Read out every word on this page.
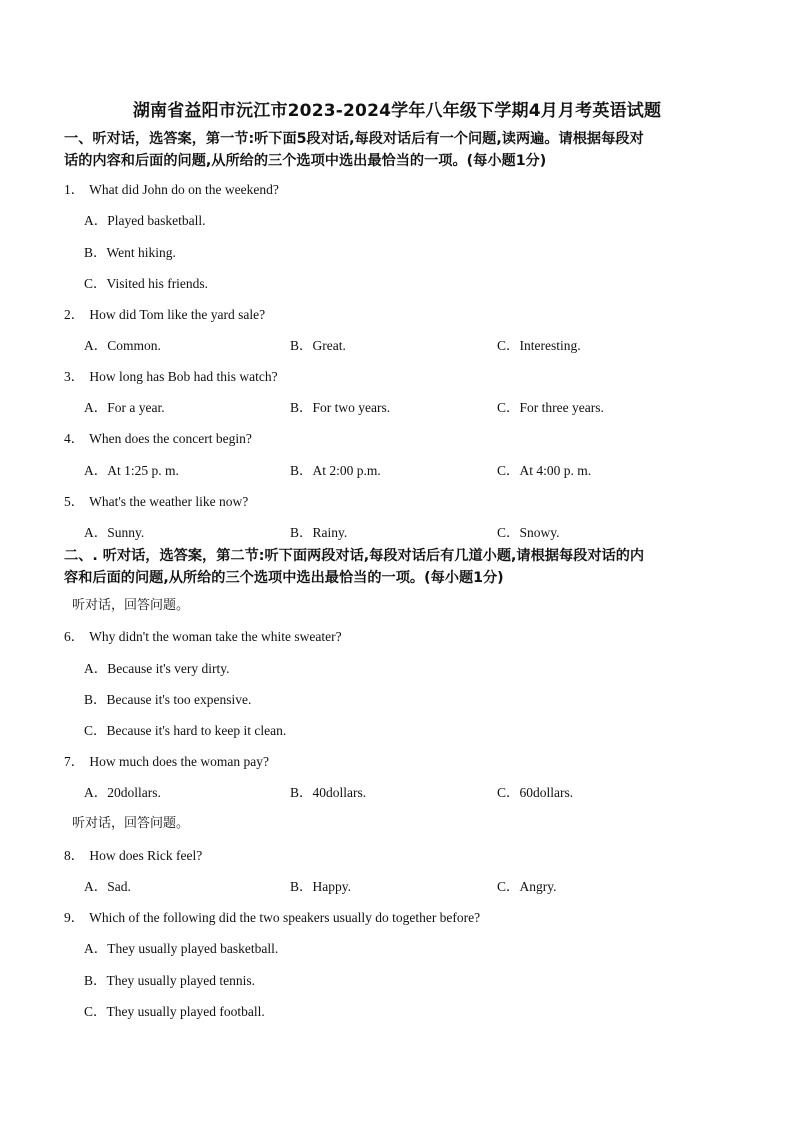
湖南省益阳市沅江市2023-2024学年八年级下学期4月月考英语试题
一、听对话，选答案，第一节:听下面5段对话,每段对话后有一个问题,读两遍。请根据每段对
话的内容和后面的问题,从所给的三个选项中选出最恰当的一项。(每小题1分)
1． What did John do on the weekend?
A．Played basketball.
B．Went hiking.
C．Visited his friends.
2． How did Tom like the yard sale?
A．Common.	B．Great.	C．Interesting.
3． How long has Bob had this watch?
A．For a year.	B．For two years.	C．For three years.
4． When does the concert begin?
A．At 1:25 p. m.	B．At 2:00 p.m.	C．At 4:00 p. m.
5． What's the weather like now?
A．Sunny.	B．Rainy.	C．Snowy.
二、. 听对话，选答案，第二节:听下面两段对话,每段对话后有几道小题,请根据每段对话的内
容和后面的问题,从所给的三个选项中选出最恰当的一项。(每小题1分)
听对话，回答问题。
6． Why didn't the woman take the white sweater?
A．Because it's very dirty.
B．Because it's too expensive.
C．Because it's hard to keep it clean.
7． How much does the woman pay?
A．20dollars.	B．40dollars.	C．60dollars.
听对话，回答问题。
8． How does Rick feel?
A．Sad.	B．Happy.	C．Angry.
9． Which of the following did the two speakers usually do together before?
A．They usually played basketball.
B．They usually played tennis.
C．They usually played football.
